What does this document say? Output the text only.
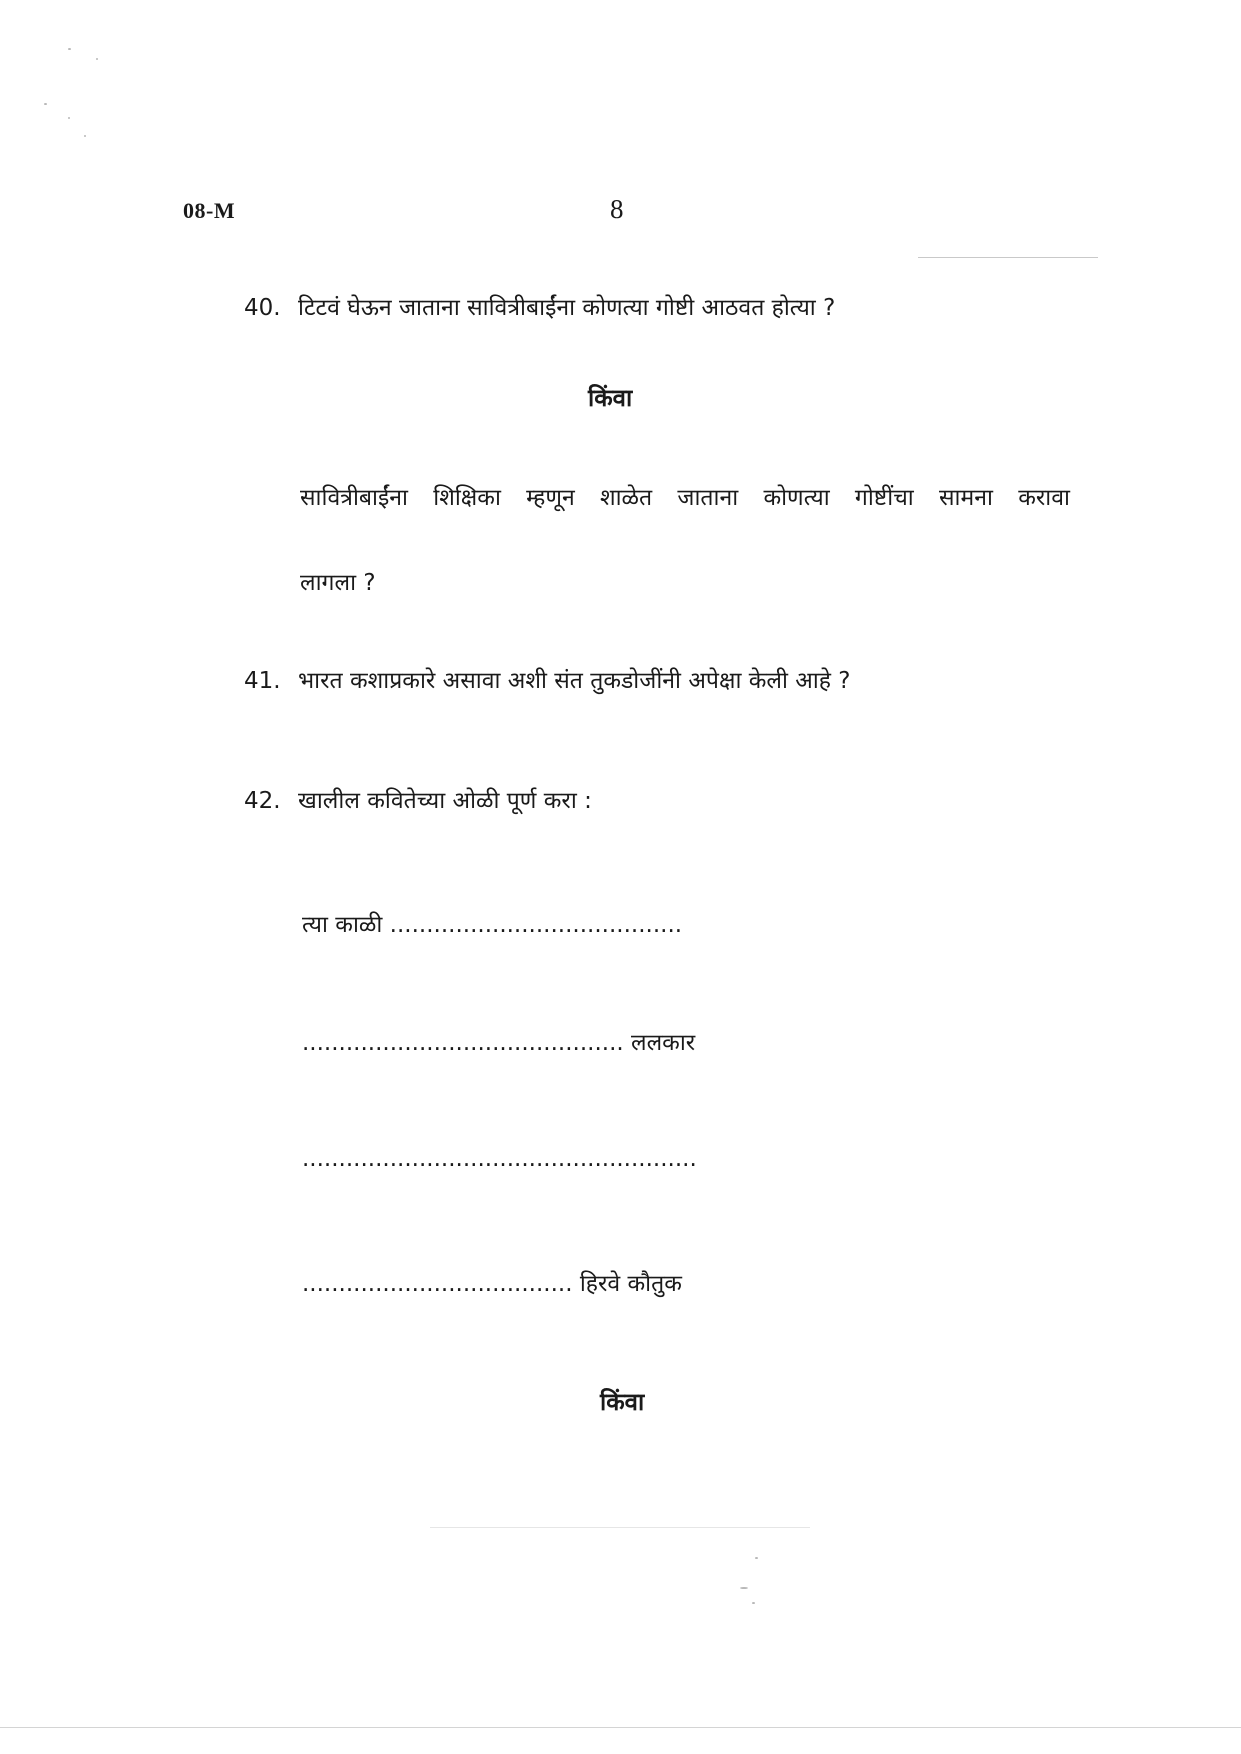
08-M	8
40. टिटवं घेऊन जाताना सावित्रीबाईंना कोणत्या गोष्टी आठवत होत्या ?
किंवा
सावित्रीबाईंना शिक्षिका म्हणून शाळेत जाताना कोणत्या गोष्टींचा सामना करावा
लागला ?
41. भारत कशाप्रकारे असावा अशी संत तुकडोजींनी अपेक्षा केली आहे ?
42. खालील कवितेच्या ओळी पूर्ण करा :
त्या काळी ........................................
............................................ ललकार
......................................................
..................................... हिरवे कौतुक
किंवा
